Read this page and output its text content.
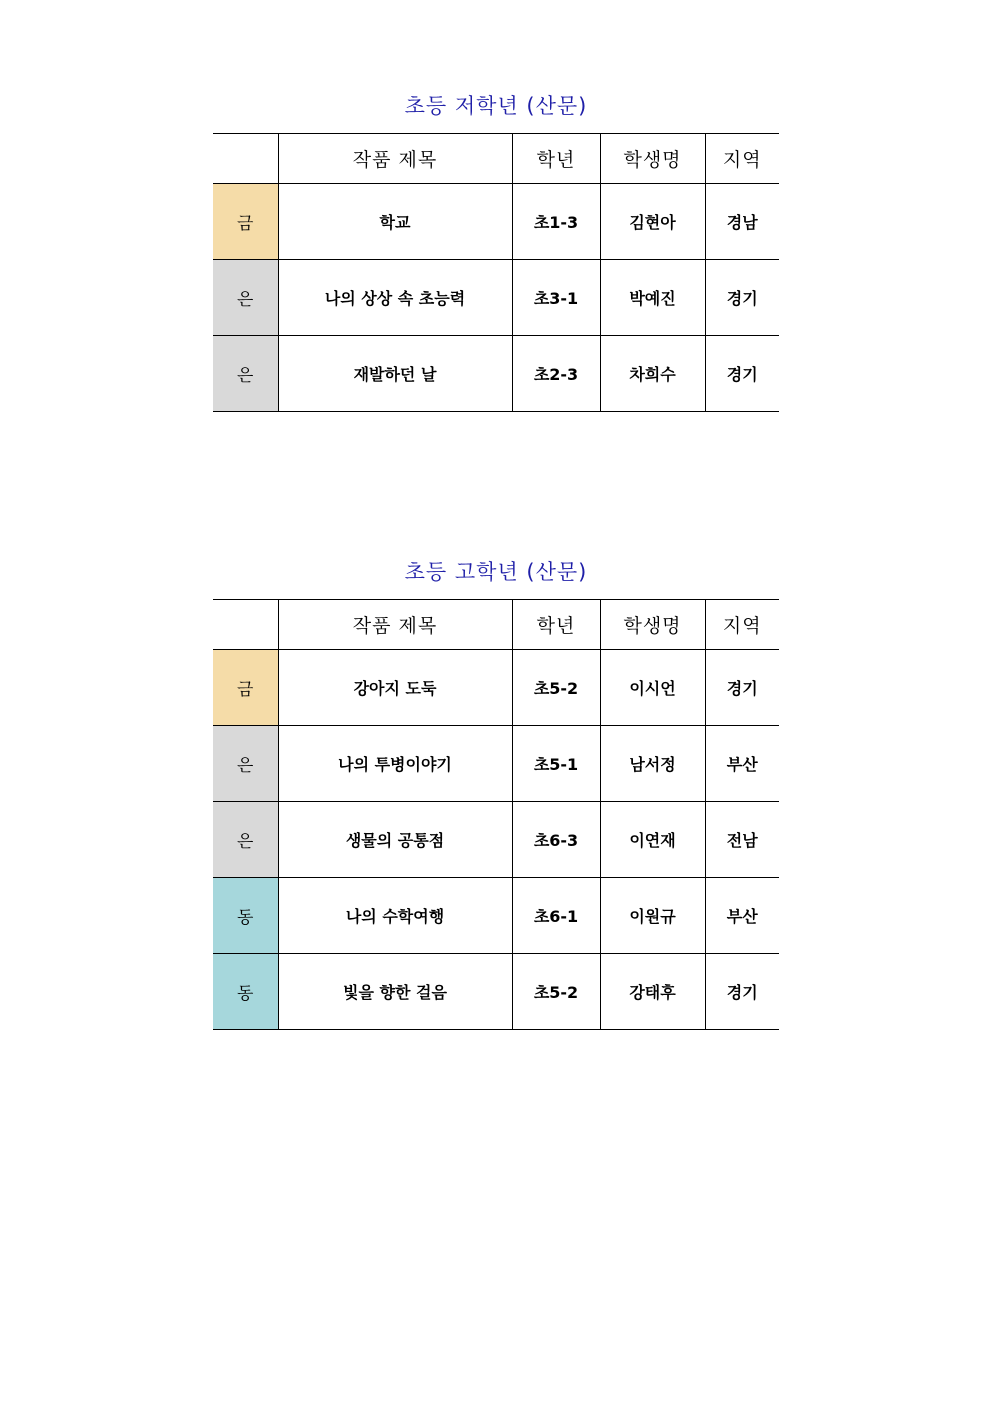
초등 저학년 (산문)
	작품 제목	학년	학생명	지역
금	학교	초1-3	김현아	경남
은	나의 상상 속 초능력	초3-1	박예진	경기
은	재발하던 날	초2-3	차희수	경기
초등 고학년 (산문)
	작품 제목	학년	학생명	지역
금	강아지 도둑	초5-2	이시언	경기
은	나의 투병이야기	초5-1	남서정	부산
은	생물의 공통점	초6-3	이연재	전남
동	나의 수학여행	초6-1	이원규	부산
동	빛을 향한 걸음	초5-2	강태후	경기
